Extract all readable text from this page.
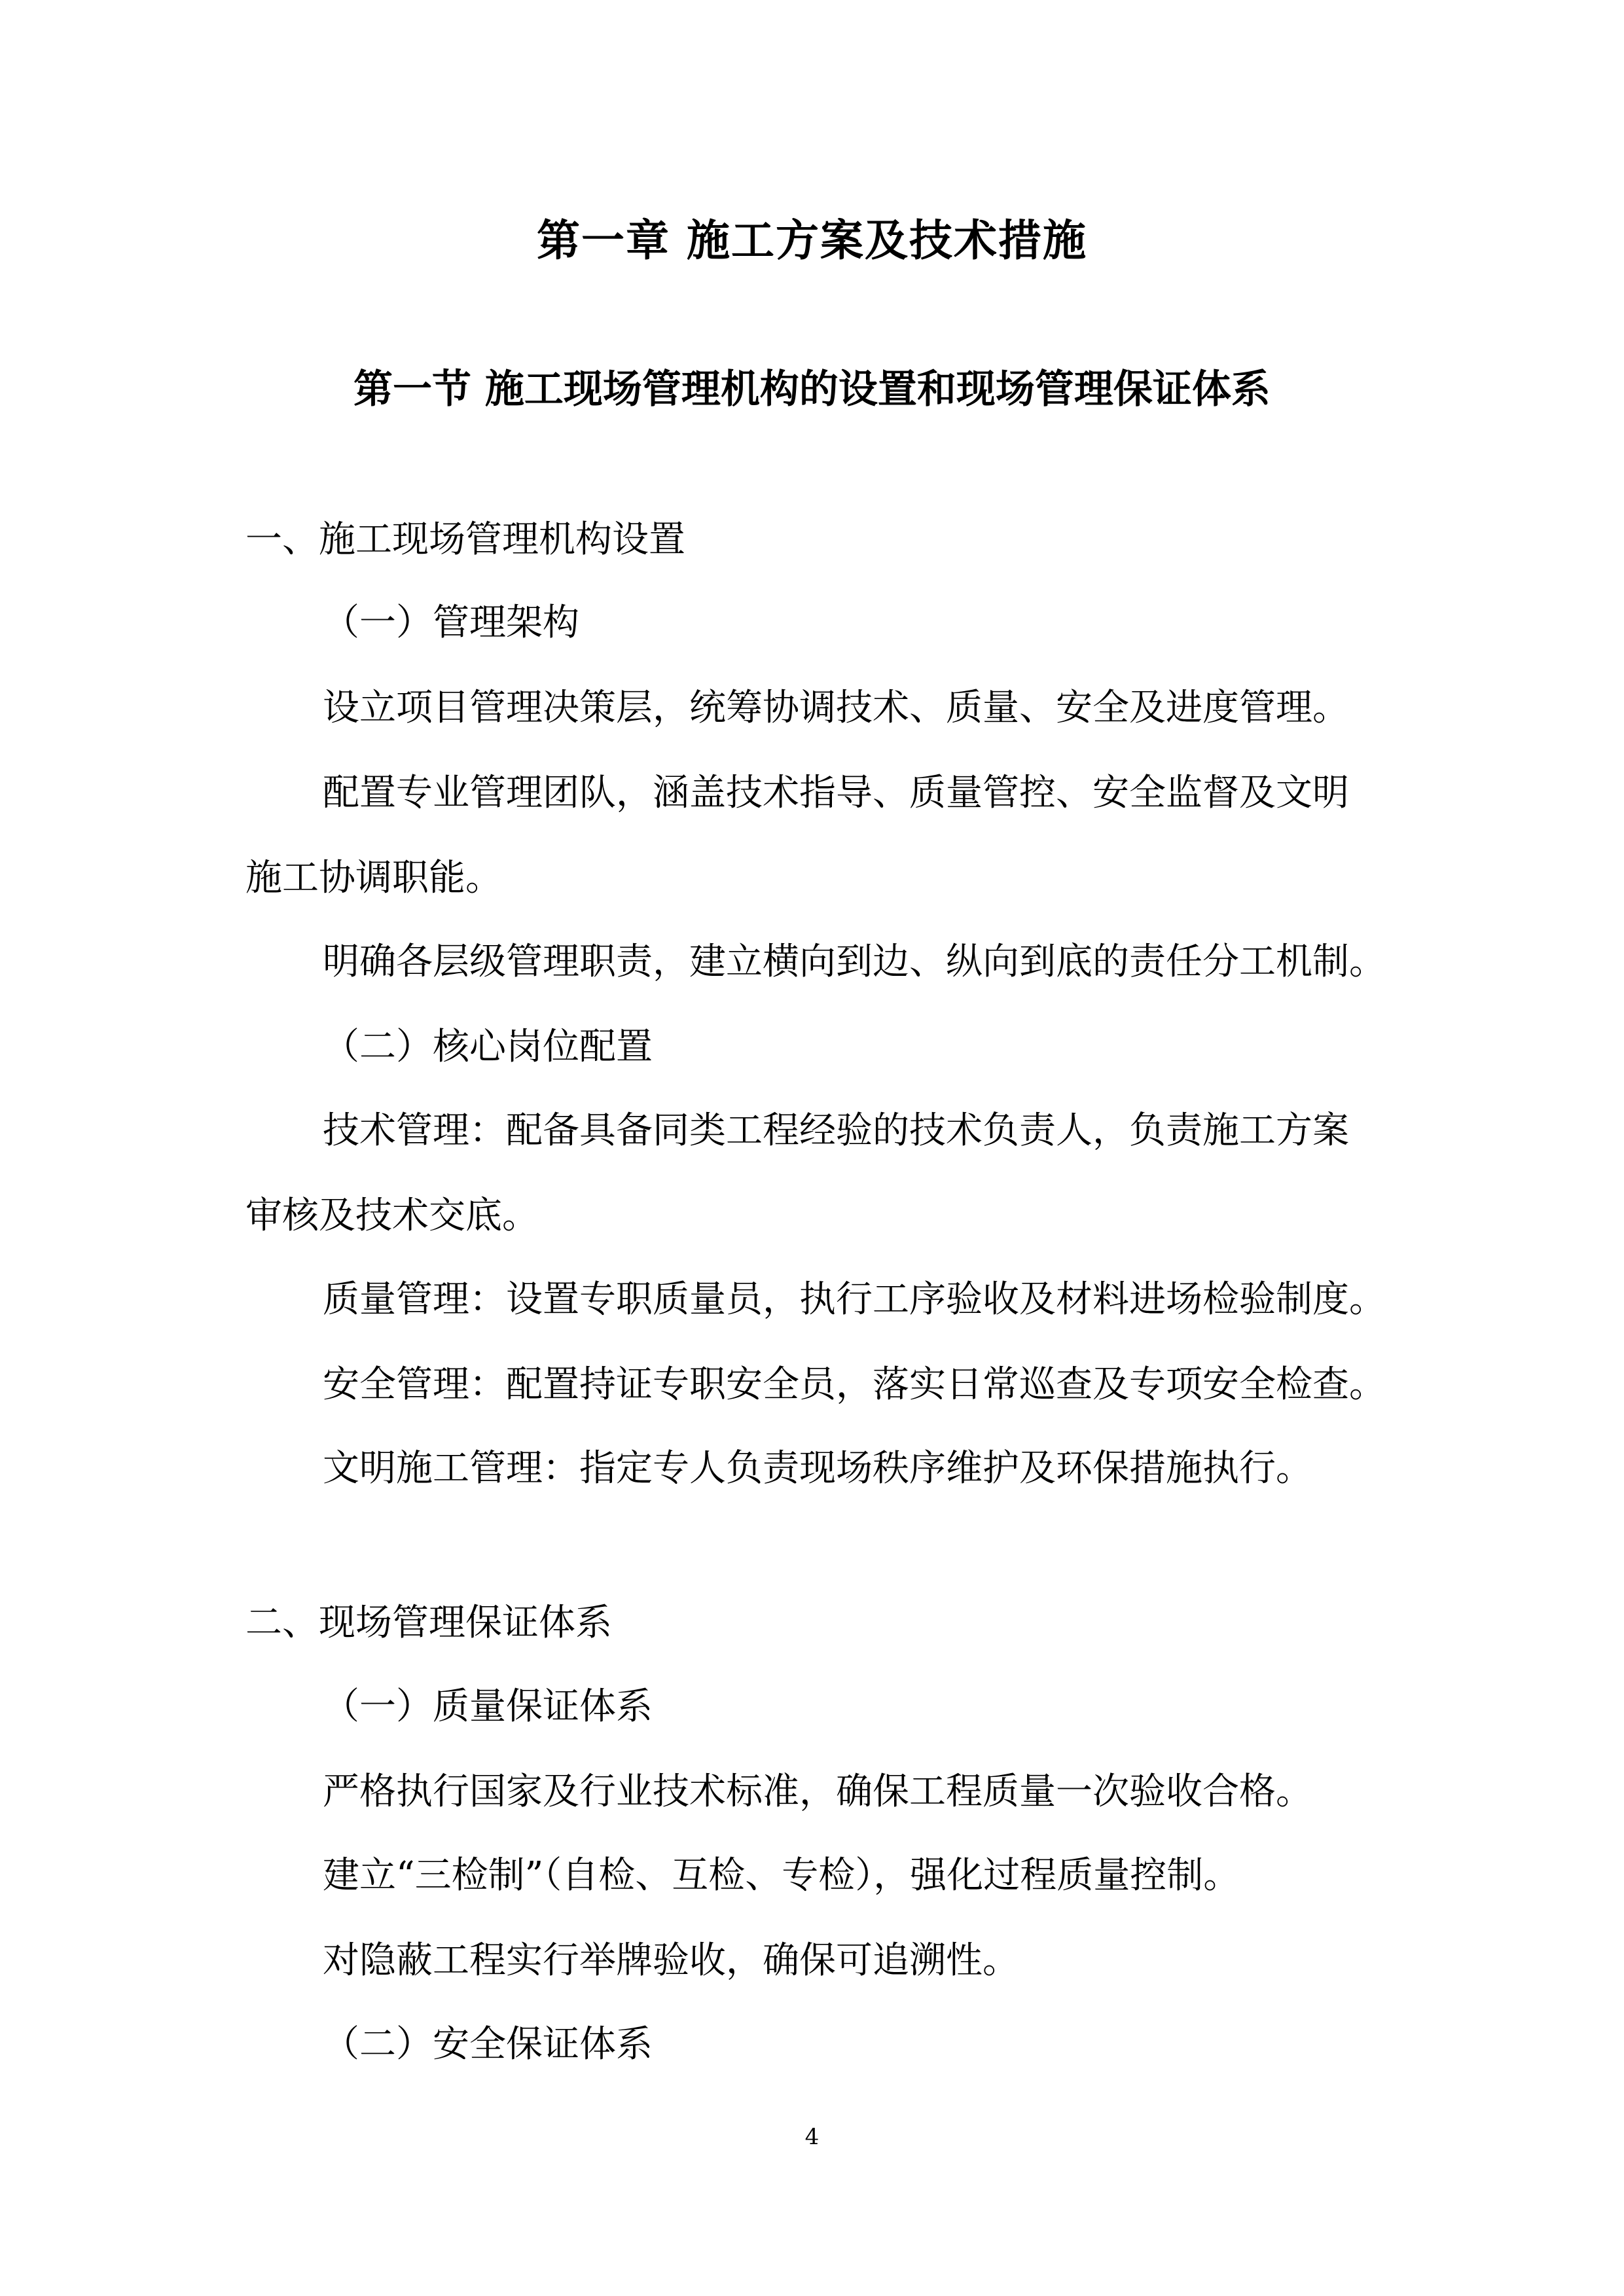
第一章 施工方案及技术措施
第一节 施工现场管理机构的设置和现场管理保证体系
一、施工现场管理机构设置
（一）管理架构
设立项目管理决策层，统筹协调技术、质量、安全及进度管理。
配置专业管理团队，涵盖技术指导、质量管控、安全监督及文明
施工协调职能。
明确各层级管理职责，建立横向到边、纵向到底的责任分工机制。
（二）核心岗位配置
技术管理：配备具备同类工程经验的技术负责人，负责施工方案
审核及技术交底。
质量管理：设置专职质量员，执行工序验收及材料进场检验制度。
安全管理：配置持证专职安全员，落实日常巡查及专项安全检查。
文明施工管理：指定专人负责现场秩序维护及环保措施执行。
二、现场管理保证体系
（一）质量保证体系
严格执行国家及行业技术标准，确保工程质量一次验收合格。
建立“三检制”（自检、互检、专检），强化过程质量控制。
对隐蔽工程实行举牌验收，确保可追溯性。
（二）安全保证体系
4
